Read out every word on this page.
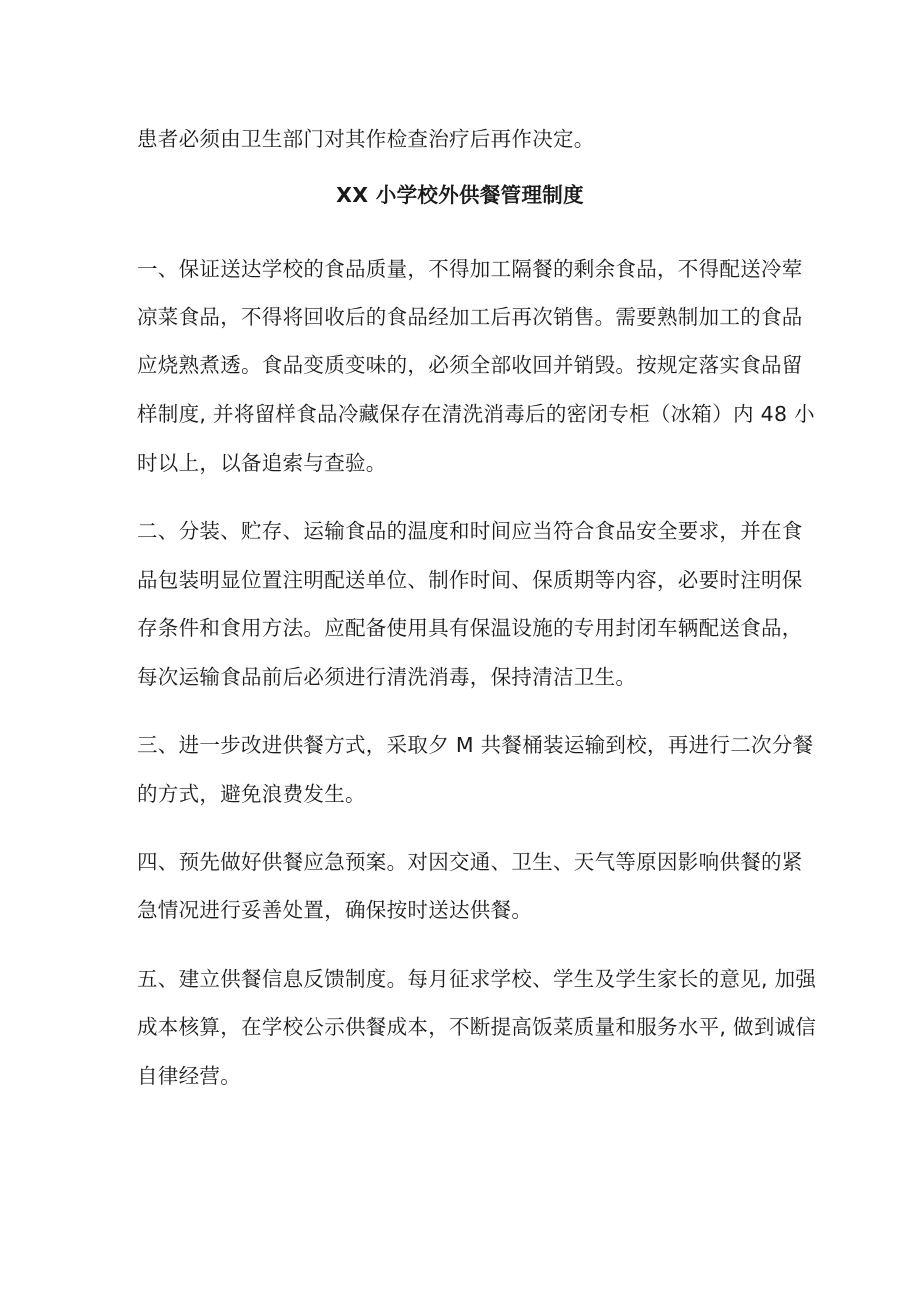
患者必须由卫生部门对其作检查治疗后再作决定。

XX 小学校外供餐管理制度

一、保证送达学校的食品质量，不得加工隔餐的剩余食品，不得配送冷荤

凉菜食品，不得将回收后的食品经加工后再次销售。需要熟制加工的食品

应烧熟煮透。食品变质变味的，必须全部收回并销毁。按规定落实食品留

样制度, 并将留样食品冷藏保存在清洗消毒后的密闭专柜（冰箱）内 48 小

时以上，以备追索与查验。

二、分装、贮存、运输食品的温度和时间应当符合食品安全要求，并在食

品包装明显位置注明配送单位、制作时间、保质期等内容，必要时注明保

存条件和食用方法。应配备使用具有保温设施的专用封闭车辆配送食品，

每次运输食品前后必须进行清洗消毒，保持清洁卫生。

三、进一步改进供餐方式，采取夕 M 共餐桶装运输到校，再进行二次分餐

的方式，避免浪费发生。

四、预先做好供餐应急预案。对因交通、卫生、天气等原因影响供餐的紧

急情况进行妥善处置，确保按时送达供餐。

五、建立供餐信息反馈制度。每月征求学校、学生及学生家长的意见, 加强

成本核算，在学校公示供餐成本，不断提高饭菜质量和服务水平, 做到诚信

自律经营。
